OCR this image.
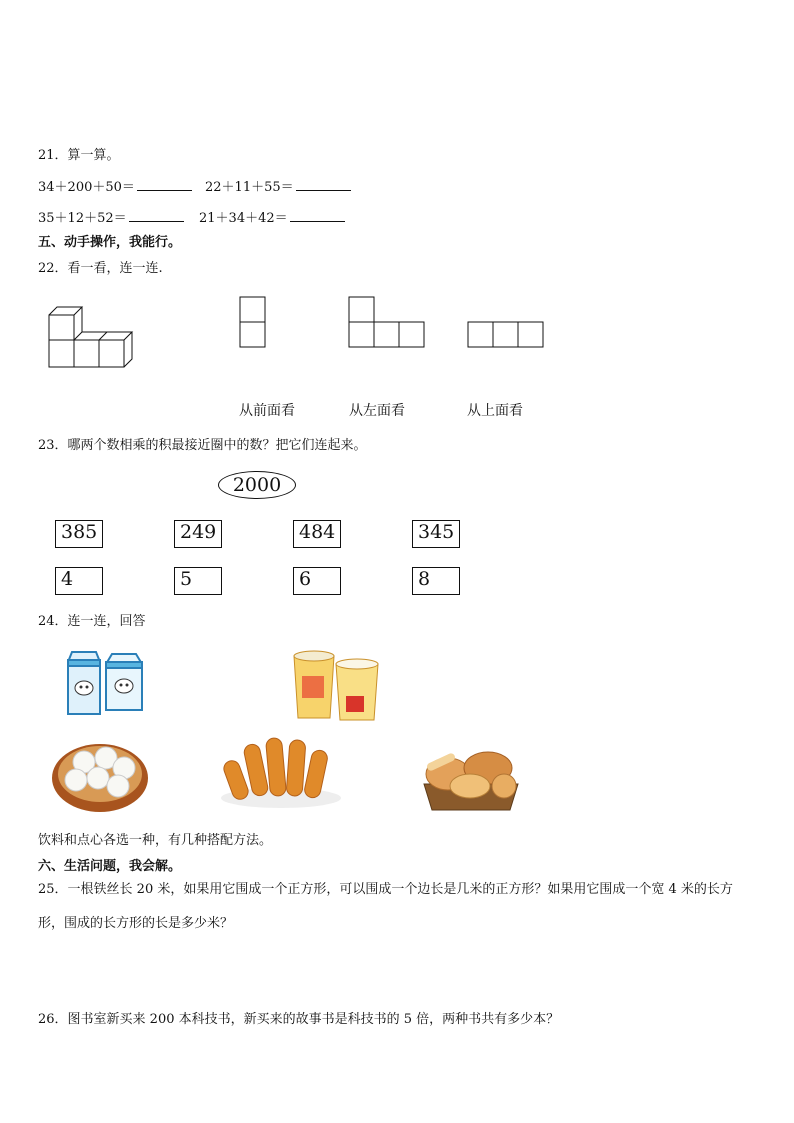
21．算一算。
34＋200＋50＝	22＋11＋55＝
35＋12＋52＝	21＋34＋42＝
五、动手操作，我能行。
22．看一看，连一连.
从前面看	从左面看	从上面看
23．哪两个数相乘的积最接近圈中的数？把它们连起来。
2000
385	249	484	345
4	5	6	8
24．连一连，回答
饮料和点心各选一种，有几种搭配方法。
六、生活问题，我会解。
25．一根铁丝长 20 米，如果用它围成一个正方形，可以围成一个边长是几米的正方形？如果用它围成一个宽 4 米的长方形，围成的长方形的长是多少米？
26．图书室新买来 200 本科技书，新买来的故事书是科技书的 5 倍，两种书共有多少本？
